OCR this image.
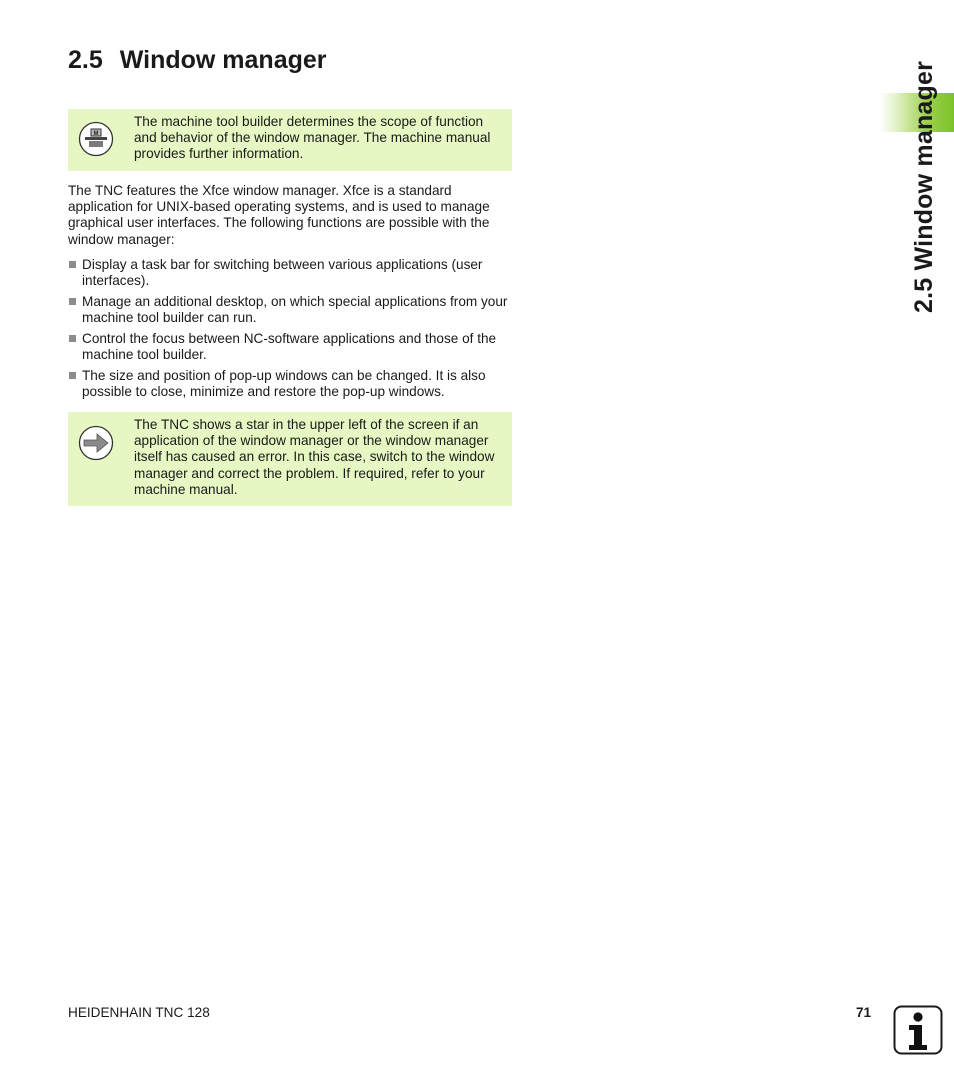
2.5 Window manager
2.5 Window manager
M
The machine tool builder determines the scope of function and behavior of the window manager. The machine manual provides further information.

The TNC features the Xfce window manager. Xfce is a standard application for UNIX-based operating systems, and is used to manage graphical user interfaces. The following functions are possible with the window manager:

Display a task bar for switching between various applications (user interfaces).
Manage an additional desktop, on which special applications from your machine tool builder can run.
Control the focus between NC-software applications and those of the machine tool builder.
The size and position of pop-up windows can be changed. It is also possible to close, minimize and restore the pop-up windows.
The TNC shows a star in the upper left of the screen if an application of the window manager or the window manager itself has caused an error. In this case, switch to the window manager and correct the problem. If required, refer to your machine manual.
HEIDENHAIN TNC 128	71
